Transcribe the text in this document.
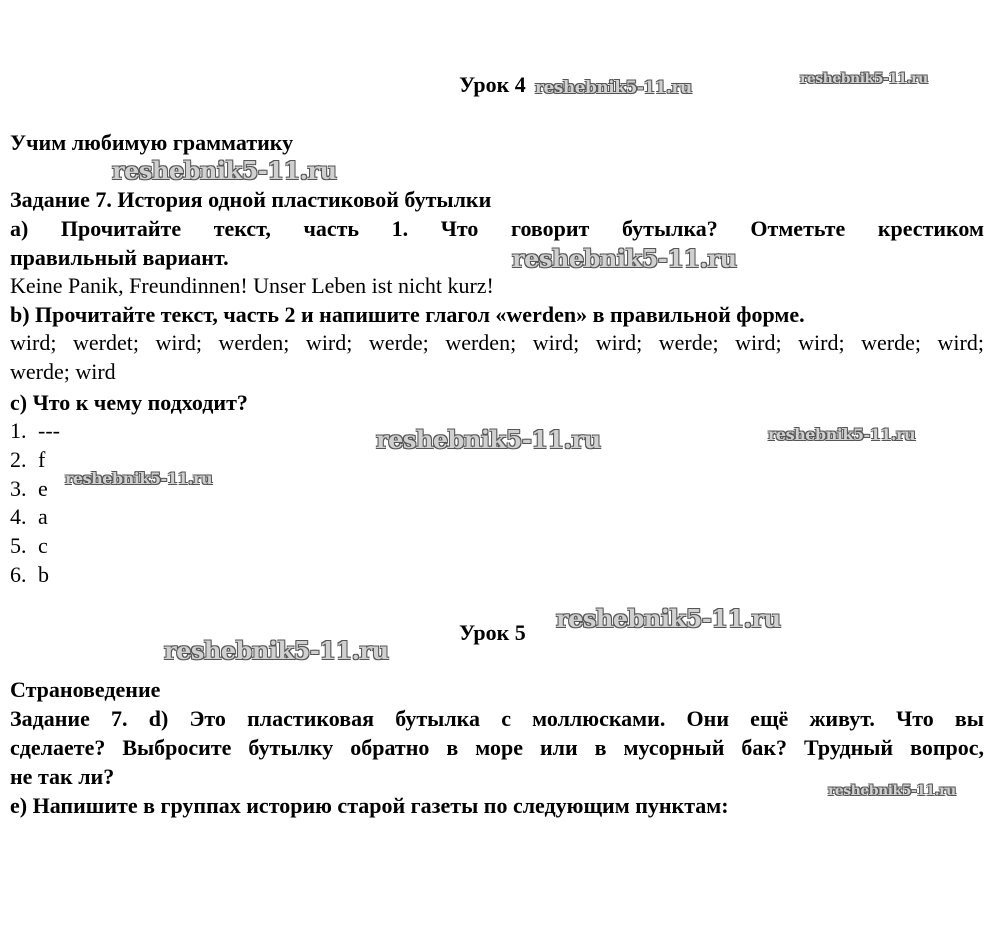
Урок 4
Учим любимую грамматику
Задание 7. История одной пластиковой бутылки
а) Прочитайте текст, часть 1. Что говорит бутылка? Отметьте крестиком
правильный вариант.
Keine Panik, Freundinnen! Unser Leben ist nicht kurz!
b) Прочитайте текст, часть 2 и напишите глагол «werden» в правильной форме.
wird; werdet; wird; werden; wird; werde; werden; wird; wird; werde; wird; wird; werde; wird;
werde; wird
с) Что к чему подходит?
1. ---
2. f
3. e
4. a
5. c
6. b
Урок 5
Страноведение
Задание 7. d) Это пластиковая бутылка с моллюсками. Они ещё живут. Что вы
сделаете? Выбросите бутылку обратно в море или в мусорный бак? Трудный вопрос,
не так ли?
е) Напишите в группах историю старой газеты по следующим пунктам:
reshebnik5-11.ru	reshebnik5-11.ru
reshebnik5-11.ru
reshebnik5-11.ru
reshebnik5-11.ru	reshebnik5-11.ru
reshebnik5-11.ru
reshebnik5-11.ru
reshebnik5-11.ru
reshebnik5-11.ru
